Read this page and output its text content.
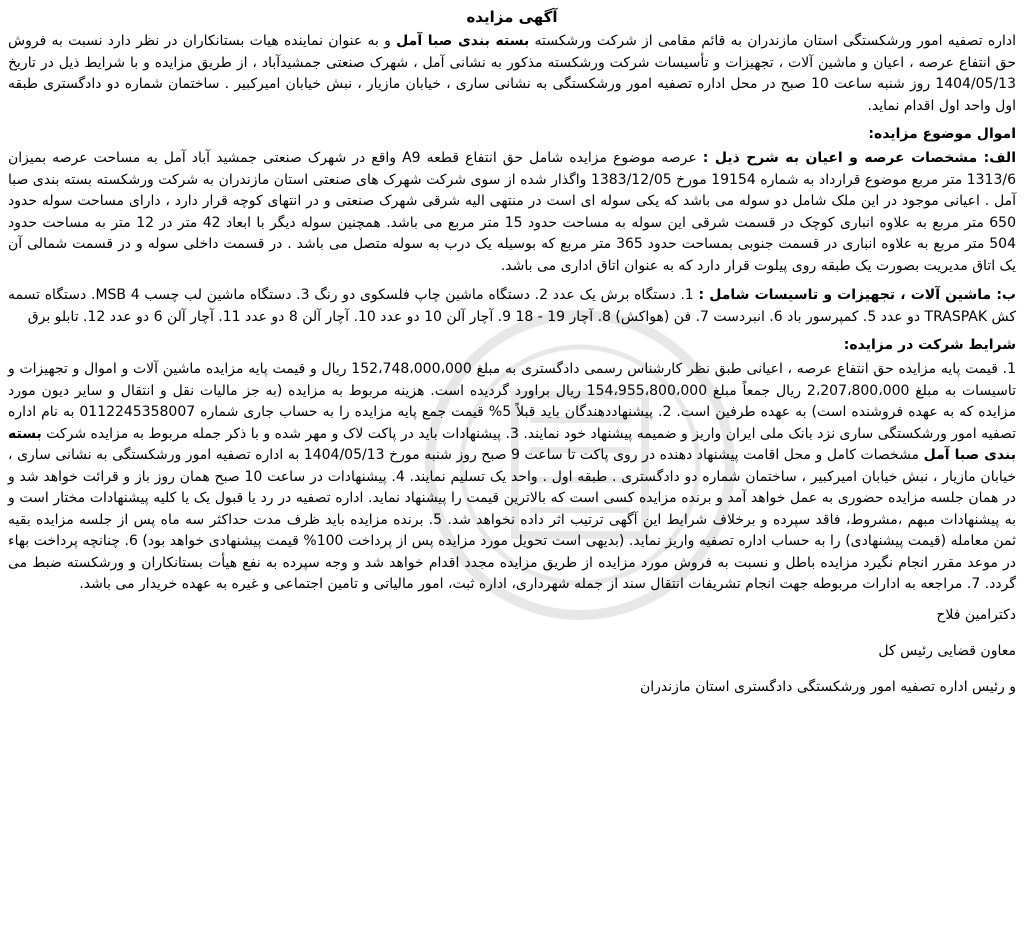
آگهی مزایده

اداره تصفیه امور ورشکستگی استان مازندران به قائم مقامی از شرکت ورشکسته بسته بندی صبا آمل و به عنوان نماینده هیات بستانکاران در نظر دارد نسبت به فروش حق انتفاع عرصه ، اعیان و ماشین آلات ، تجهیزات و تأسیسات شرکت ورشکسته مذکور به نشانی آمل ، شهرک صنعتی جمشیدآباد ، از طریق مزایده و با شرایط ذیل در تاریخ 1404/05/13 روز شنبه ساعت 10 صبح در محل اداره تصفیه امور ورشکستگی به نشانی ساری ، خیابان مازیار ، نبش خیابان امیرکبیر . ساختمان شماره دو دادگستری طبقه اول واحد اول اقدام نماید.

اموال موضوع مزایده:

الف: مشخصات عرصه و اعیان به شرح ذیل : عرصه موضوع مزایده شامل حق انتفاع قطعه A9 واقع در شهرک صنعتی جمشید آباد آمل به مساحت عرصه بمیزان 1313/6 متر مربع موضوع قرارداد به شماره 19154 مورخ 1383/12/05 واگذار شده از سوی شرکت شهرک های صنعتی استان مازندران به شرکت ورشکسته بسته بندی صبا آمل . اعیانی موجود در این ملک شامل دو سوله می باشد که یکی سوله ای است در منتهی الیه شرقی شهرک صنعتی و در انتهای کوچه قرار دارد ، دارای مساحت سوله حدود 650 متر مربع به علاوه انباری کوچک در قسمت شرقی این سوله به مساحت حدود 15 متر مربع می باشد. همچنین سوله دیگر با ابعاد 42 متر در 12 متر به مساحت حدود 504 متر مربع به علاوه انباری در قسمت جنوبی بمساحت حدود 365 متر مربع که بوسیله یک درب به سوله متصل می باشد . در قسمت داخلی سوله و در قسمت شمالی آن یک اتاق مدیریت بصورت یک طبقه روی پیلوت قرار دارد که به عنوان اتاق اداری می باشد.

ب: ماشین آلات ، تجهیزات و تاسیسات شامل : 1. دستگاه برش یک عدد 2. دستگاه ماشین چاپ فلسکوی دو رنگ 3. دستگاه ماشین لب چسب MSB 4. دستگاه تسمه کش TRASPAK دو عدد 5. کمپرسور باد 6. انبردست 7. فن (هواکش) 8. آچار 19 - 18 9. آچار آلن 10 دو عدد 10. آچار آلن 8 دو عدد 11. آچار آلن 6 دو عدد 12. تابلو برق

شرایط شرکت در مزایده:

1. قیمت پایه مزایده حق انتفاع عرصه ، اعیانی طبق نظر کارشناس رسمی دادگستری به مبلغ 152،748،000،000 ریال و قیمت پایه مزایده ماشین آلات و اموال و تجهیزات و تاسیسات به مبلغ 2،207،800،000 ریال جمعاً مبلغ 154،955،800،000 ریال براورد گردیده است. هزینه مربوط به مزایده (به جز مالیات نقل و انتقال و سایر دیون مورد مزایده که به عهده فروشنده است) به عهده طرفین است. 2. پیشنهاددهندگان باید قبلاً 5% قیمت جمع پایه مزایده را به حساب جاری شماره 0112245358007 به نام اداره تصفیه امور ورشکستگی ساری نزد بانک ملی ایران واریز و ضمیمه پیشنهاد خود نمایند. 3. پیشنهادات باید در پاکت لاک و مهر شده و با ذکر جمله مربوط به مزایده شرکت بسته بندی صبا آمل مشخصات کامل و محل اقامت پیشنهاد دهنده در روی پاکت تا ساعت 9 صبح روز شنبه مورخ 1404/05/13 به اداره تصفیه امور ورشکستگی به نشانی ساری ، خیابان مازیار ، نبش خیابان امیرکبیر ، ساختمان شماره دو دادگستری . طبقه اول . واحد یک تسلیم نمایند. 4. پیشنهادات در ساعت 10 صبح همان روز باز و قرائت خواهد شد و در همان جلسه مزایده حضوری به عمل خواهد آمد و برنده مزایده کسی است که بالاترین قیمت را پیشنهاد نماید. اداره تصفیه در رد یا قبول یک یا کلیه پیشنهادات مختار است و به پیشنهادات مبهم ،مشروط، فاقد سپرده و برخلاف شرایط این آگهی ترتیب اثر داده نخواهد شد. 5. برنده مزایده باید ظرف مدت حداکثر سه ماه پس از جلسه مزایده بقیه ثمن معامله (قیمت پیشنهادی) را به حساب اداره تصفیه واریز نماید. (بدیهی است تحویل مورد مزایده پس از پرداخت 100% قیمت پیشنهادی خواهد بود) 6. چنانچه پرداخت بهاء در موعد مقرر انجام نگیرد مزایده باطل و نسبت به فروش مورد مزایده از طریق مزایده مجدد اقدام خواهد شد و وجه سپرده به نفع هیأت بستانکاران و ورشکسته ضبط می گردد. 7. مراجعه به ادارات مربوطه جهت انجام تشریفات انتقال سند از جمله شهرداری، اداره ثبت، امور مالیاتی و تامین اجتماعی و غیره به عهده خریدار می باشد.

دکترامین فلاح

معاون قضایی رئیس کل

و رئیس اداره تصفیه امور ورشکستگی دادگستری استان مازندران
